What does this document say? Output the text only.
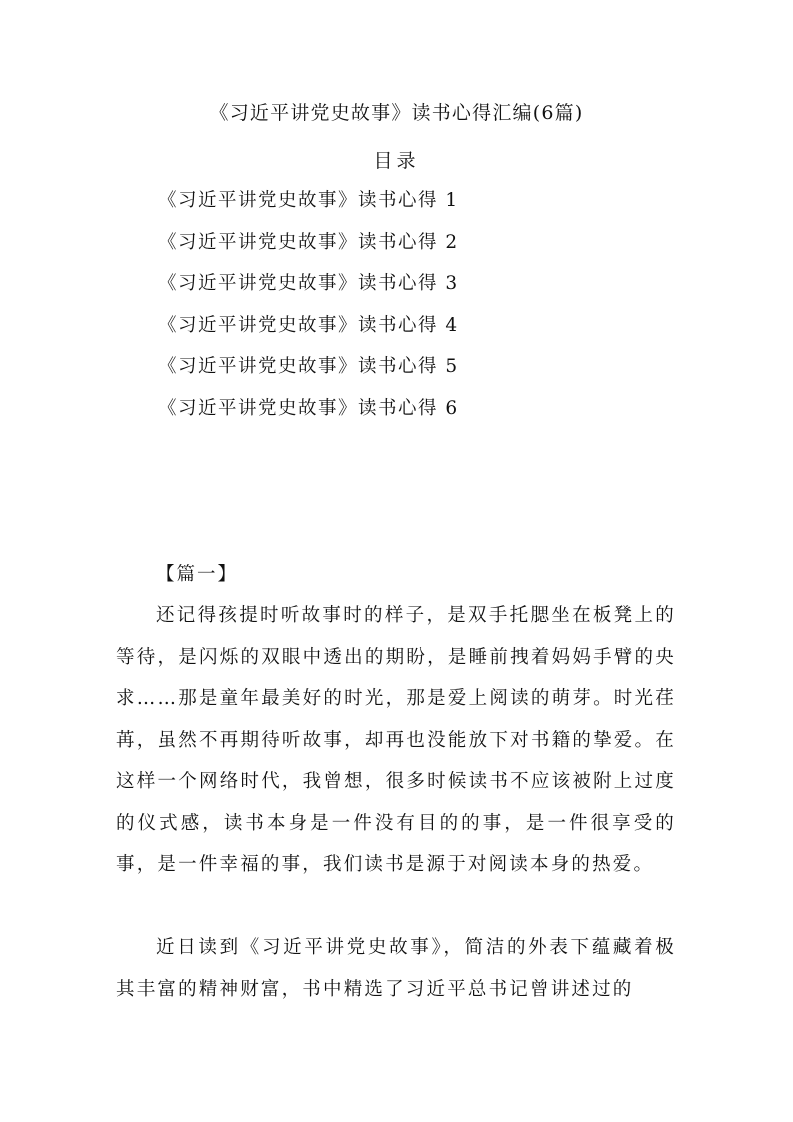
《习近平讲党史故事》读书心得汇编(6篇)
目录
《习近平讲党史故事》读书心得 1
《习近平讲党史故事》读书心得 2
《习近平讲党史故事》读书心得 3
《习近平讲党史故事》读书心得 4
《习近平讲党史故事》读书心得 5
《习近平讲党史故事》读书心得 6
【篇一】

还记得孩提时听故事时的样子，是双手托腮坐在板凳上的等待，是闪烁的双眼中透出的期盼，是睡前拽着妈妈手臂的央求……那是童年最美好的时光，那是爱上阅读的萌芽。时光荏苒，虽然不再期待听故事，却再也没能放下对书籍的挚爱。在这样一个网络时代，我曾想，很多时候读书不应该被附上过度的仪式感，读书本身是一件没有目的的事，是一件很享受的事，是一件幸福的事，我们读书是源于对阅读本身的热爱。

近日读到《习近平讲党史故事》，简洁的外表下蕴藏着极其丰富的精神财富，书中精选了习近平总书记曾讲述过的
